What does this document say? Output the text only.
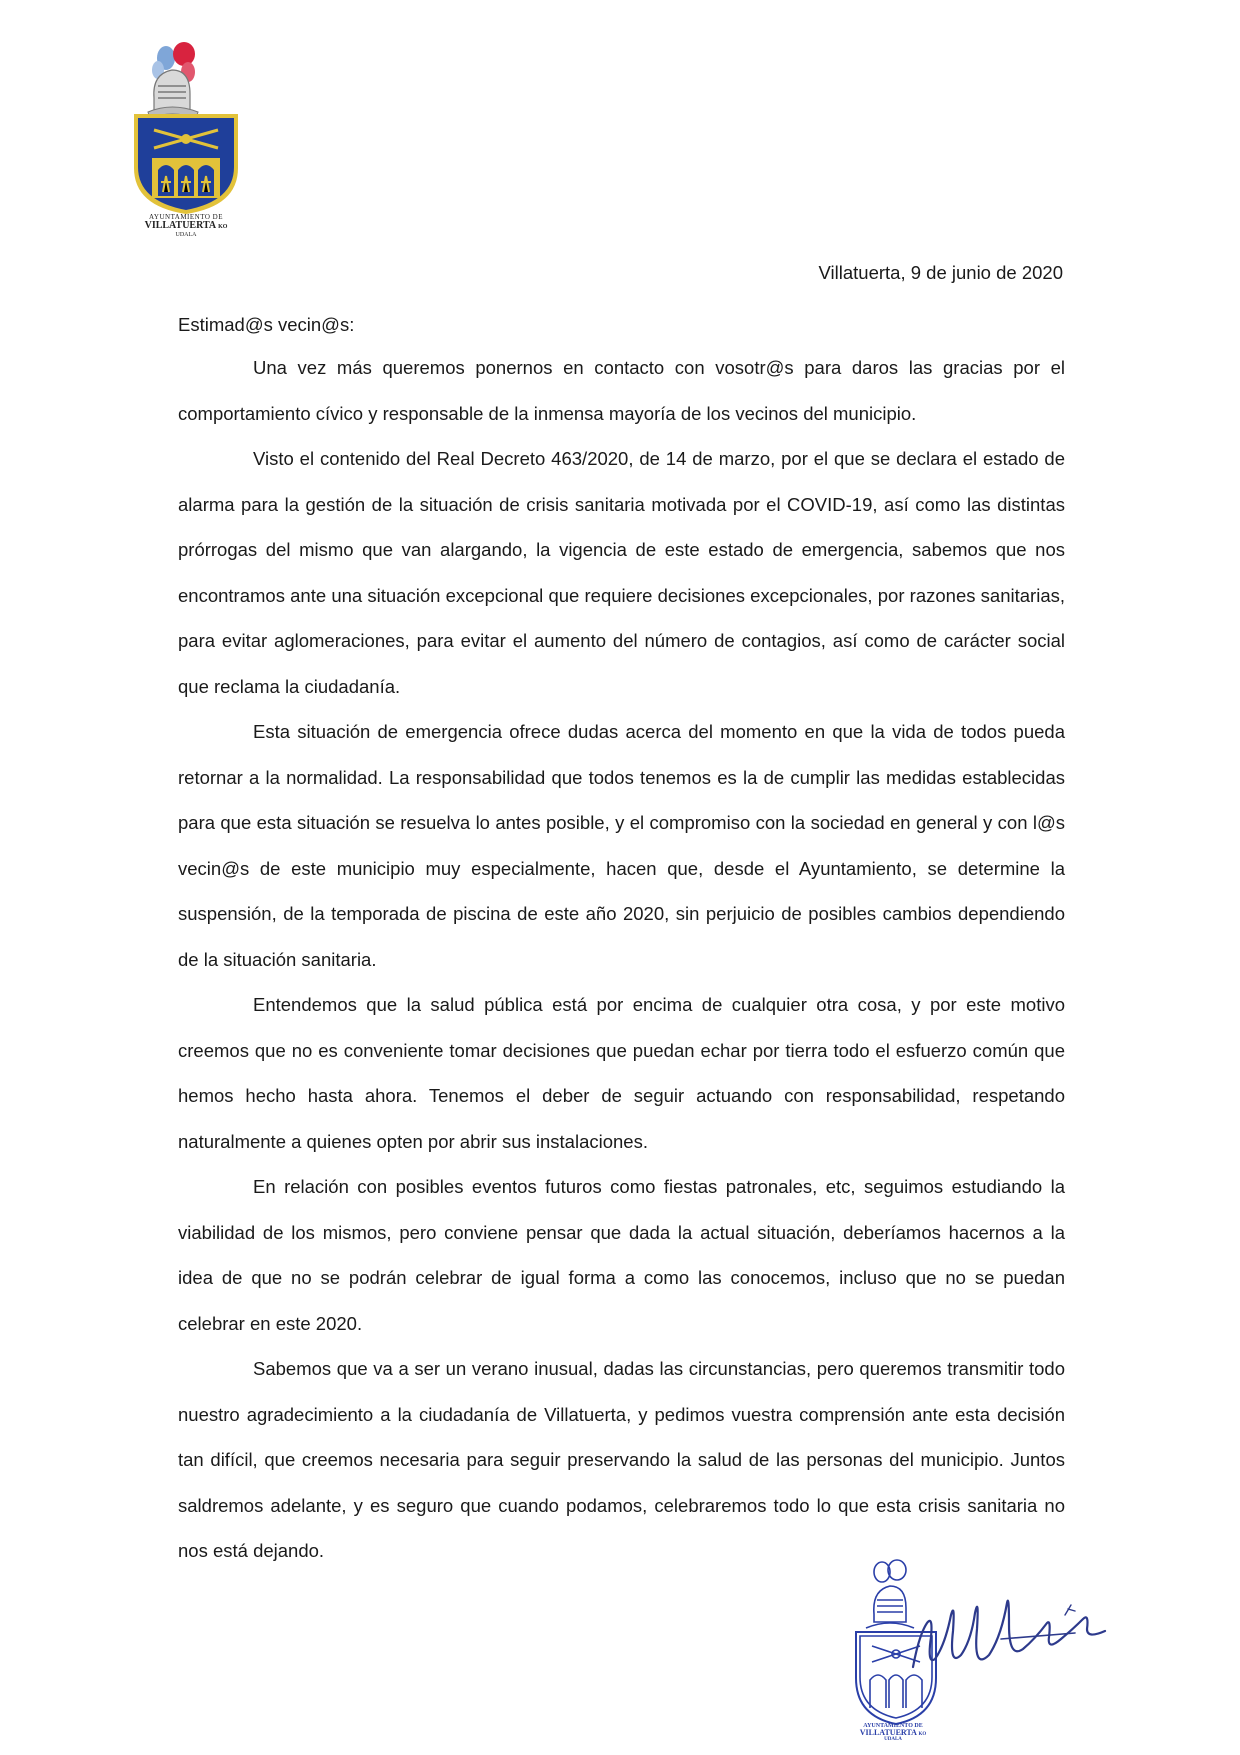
AYUNTAMIENTO DE
VILLATUERTA KO
UDALA
Villatuerta, 9 de junio de 2020

Estimad@s vecin@s:

Una vez más queremos ponernos en contacto con vosotr@s para daros las gracias por el comportamiento cívico y responsable de la inmensa mayoría de los vecinos del municipio.

Visto el contenido del Real Decreto 463/2020, de 14 de marzo, por el que se declara el estado de alarma para la gestión de la situación de crisis sanitaria motivada por el COVID-19, así como las distintas prórrogas del mismo que van alargando, la vigencia de este estado de emergencia, sabemos que nos encontramos ante una situación excepcional que requiere decisiones excepcionales, por razones sanitarias, para evitar aglomeraciones, para evitar el aumento del número de contagios, así como de carácter social que reclama la ciudadanía.

Esta situación de emergencia ofrece dudas acerca del momento en que la vida de todos pueda retornar a la normalidad. La responsabilidad que todos tenemos es la de cumplir las medidas establecidas para que esta situación se resuelva lo antes posible, y el compromiso con la sociedad en general y con l@s vecin@s de este municipio muy especialmente, hacen que, desde el Ayuntamiento, se determine la suspensión, de la temporada de piscina de este año 2020, sin perjuicio de posibles cambios dependiendo de la situación sanitaria.

Entendemos que la salud pública está por encima de cualquier otra cosa, y por este motivo creemos que no es conveniente tomar decisiones que puedan echar por tierra todo el esfuerzo común que hemos hecho hasta ahora. Tenemos el deber de seguir actuando con responsabilidad, respetando naturalmente a quienes opten por abrir sus instalaciones.

En relación con posibles eventos futuros como fiestas patronales, etc, seguimos estudiando la viabilidad de los mismos, pero conviene pensar que dada la actual situación, deberíamos hacernos a la idea de que no se podrán celebrar de igual forma a como las conocemos, incluso que no se puedan celebrar en este 2020.

Sabemos que va a ser un verano inusual, dadas las circunstancias, pero queremos transmitir todo nuestro agradecimiento a la ciudadanía de Villatuerta, y pedimos vuestra comprensión ante esta decisión tan difícil, que creemos necesaria para seguir preservando la salud de las personas del municipio. Juntos saldremos adelante, y es seguro que cuando podamos, celebraremos todo lo que esta crisis sanitaria no nos está dejando.

AYUNTAMIENTO DE
VILLATUERTA KO
UDALA
